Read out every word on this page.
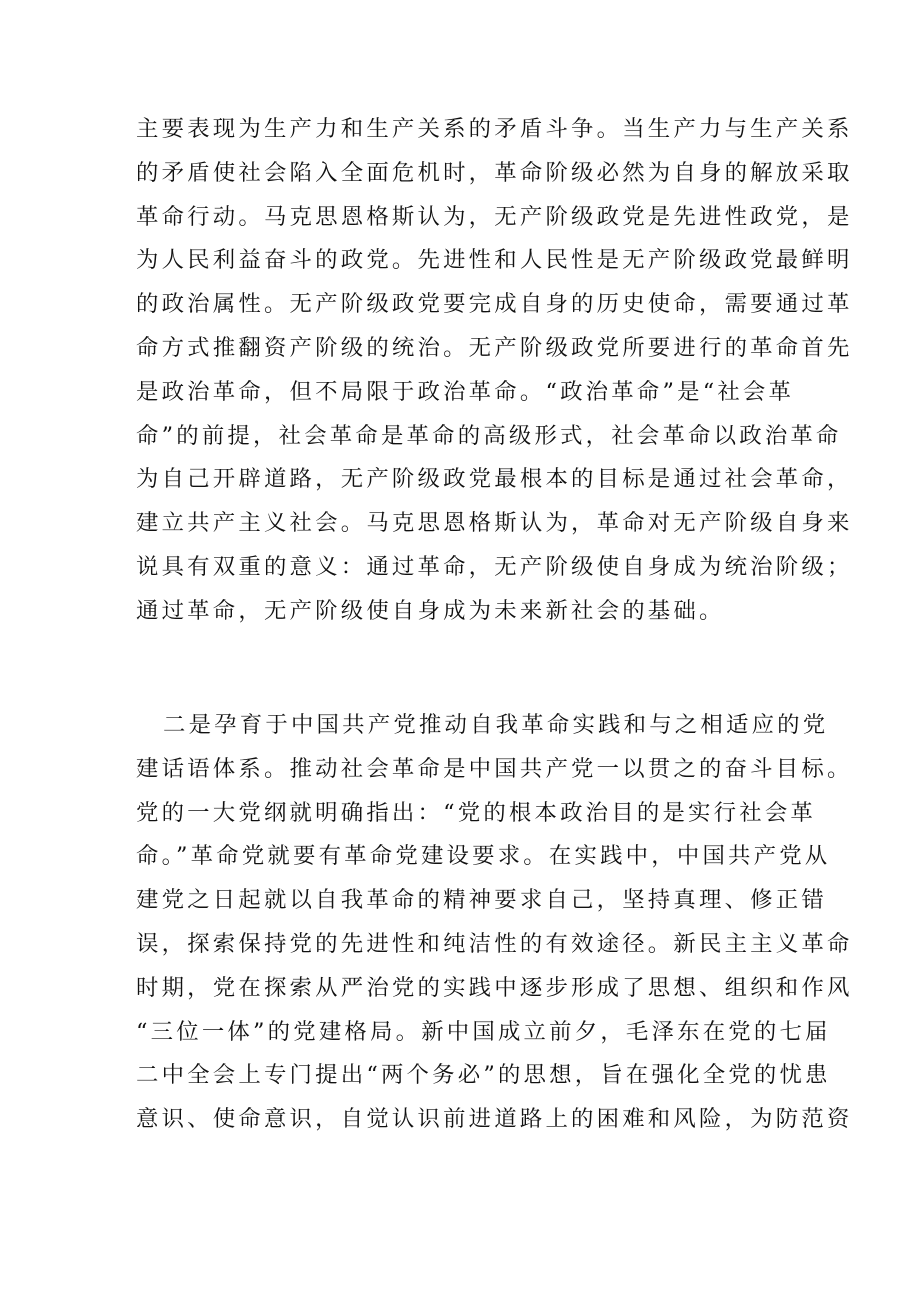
主要表现为生产力和生产关系的矛盾斗争。当生产力与生产关系
的矛盾使社会陷入全面危机时，革命阶级必然为自身的解放采取
革命行动。马克思恩格斯认为，无产阶级政党是先进性政党，是
为人民利益奋斗的政党。先进性和人民性是无产阶级政党最鲜明
的政治属性。无产阶级政党要完成自身的历史使命，需要通过革
命方式推翻资产阶级的统治。无产阶级政党所要进行的革命首先
是政治革命，但不局限于政治革命。“政治革命”是“社会革
命”的前提，社会革命是革命的高级形式，社会革命以政治革命
为自己开辟道路，无产阶级政党最根本的目标是通过社会革命，
建立共产主义社会。马克思恩格斯认为，革命对无产阶级自身来
说具有双重的意义：通过革命，无产阶级使自身成为统治阶级；
通过革命，无产阶级使自身成为未来新社会的基础。
二是孕育于中国共产党推动自我革命实践和与之相适应的党
建话语体系。推动社会革命是中国共产党一以贯之的奋斗目标。
党的一大党纲就明确指出：“党的根本政治目的是实行社会革
命。”革命党就要有革命党建设要求。在实践中，中国共产党从
建党之日起就以自我革命的精神要求自己，坚持真理、修正错
误，探索保持党的先进性和纯洁性的有效途径。新民主主义革命
时期，党在探索从严治党的实践中逐步形成了思想、组织和作风
“三位一体”的党建格局。新中国成立前夕，毛泽东在党的七届
二中全会上专门提出“两个务必”的思想，旨在强化全党的忧患
意识、使命意识，自觉认识前进道路上的困难和风险，为防范资
